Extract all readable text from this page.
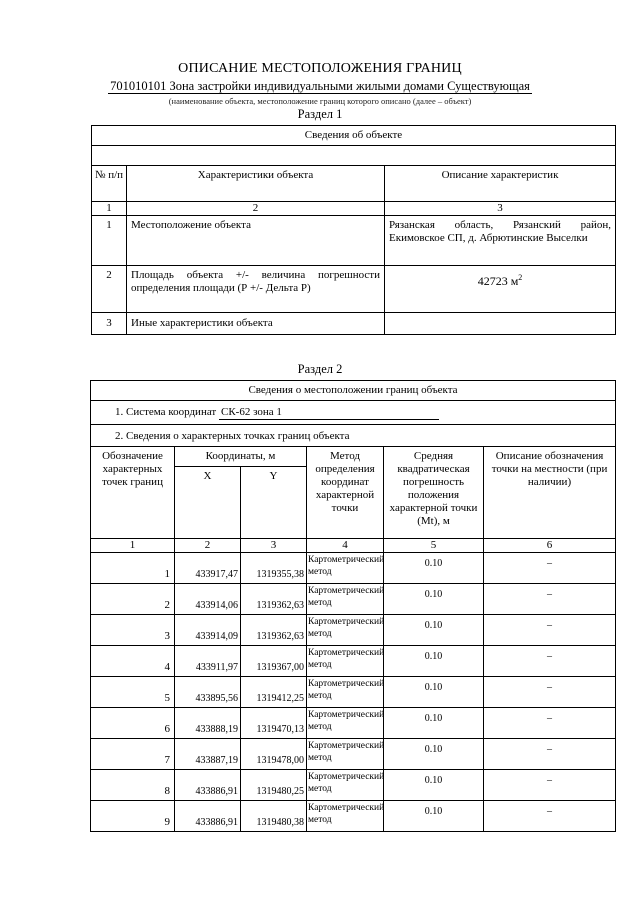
ОПИСАНИЕ МЕСТОПОЛОЖЕНИЯ ГРАНИЦ
701010101 Зона застройки индивидуальными жилыми домами Существующая
(наименование объекта, местоположение границ которого описано (далее – объект)
Раздел 1
Сведения об объекте		

№ п/п	Характеристики объекта	Описание характеристик
1	2	3
1	Местоположение объекта	Рязанская область, Рязанский район, Екимовское СП, д. Абрютинские Выселки
2	Площадь объекта +/- величина погрешности определения площади (Р +/- Дельта Р)	42723 $м^2$
3	Иные характеристики объекта	
Раздел 2
Сведения о местоположении границ объекта					
1. Система координат СК-62 зона 1					
2. Сведения о характерных точках границ объекта					
Обозначение характерных точек границ	Координаты, м		Метод определения координат характерной точки	Средняя квадратическая погрешность положения характерной точки (Mt), м	Описание обозначения точки на местности (при наличии)
	X	Y			
1	2	3	4	5	6
1	433917,47	1319355,38	Картометрический метод	0.10	–
2	433914,06	1319362,63	Картометрический метод	0.10	–
3	433914,09	1319362,63	Картометрический метод	0.10	–
4	433911,97	1319367,00	Картометрический метод	0.10	–
5	433895,56	1319412,25	Картометрический метод	0.10	–
6	433888,19	1319470,13	Картометрический метод	0.10	–
7	433887,19	1319478,00	Картометрический метод	0.10	–
8	433886,91	1319480,25	Картометрический метод	0.10	–
9	433886,91	1319480,38	Картометрический метод	0.10	–
